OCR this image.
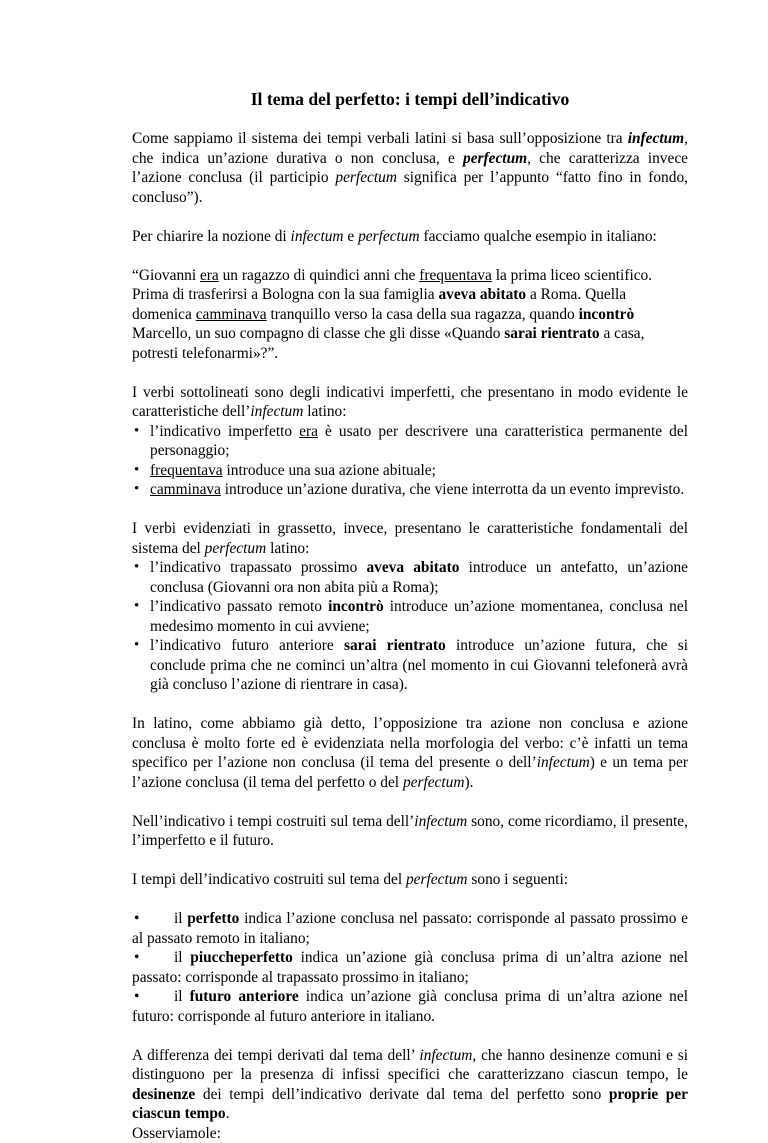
Il tema del perfetto: i tempi dell’indicativo

Come sappiamo il sistema dei tempi verbali latini si basa sull’opposizione tra infectum, che indica un’azione durativa o non conclusa, e perfectum, che caratterizza invece l’azione conclusa (il participio perfectum significa per l’appunto “fatto fino in fondo, concluso”).

Per chiarire la nozione di infectum e perfectum facciamo qualche esempio in italiano:

“Giovanni era un ragazzo di quindici anni che frequentava la prima liceo scientifico. Prima di trasferirsi a Bologna con la sua famiglia aveva abitato a Roma. Quella domenica camminava tranquillo verso la casa della sua ragazza, quando incontrò Marcello, un suo compagno di classe che gli disse «Quando sarai rientrato a casa, potresti telefonarmi»?”.

I verbi sottolineati sono degli indicativi imperfetti, che presentano in modo evidente le caratteristiche dell’infectum latino:

• l’indicativo imperfetto era è usato per descrivere una caratteristica permanente del personaggio;
• frequentava introduce una sua azione abituale;
• camminava introduce un’azione durativa, che viene interrotta da un evento imprevisto.

I verbi evidenziati in grassetto, invece, presentano le caratteristiche fondamentali del sistema del perfectum latino:

• l’indicativo trapassato prossimo aveva abitato introduce un antefatto, un’azione conclusa (Giovanni ora non abita più a Roma);
• l’indicativo passato remoto incontrò introduce un’azione momentanea, conclusa nel medesimo momento in cui avviene;
• l’indicativo futuro anteriore sarai rientrato introduce un’azione futura, che si conclude prima che ne cominci un’altra (nel momento in cui Giovanni telefonerà avrà già concluso l’azione di rientrare in casa).

In latino, come abbiamo già detto, l’opposizione tra azione non conclusa e azione conclusa è molto forte ed è evidenziata nella morfologia del verbo: c’è infatti un tema specifico per l’azione non conclusa (il tema del presente o dell’infectum) e un tema per l’azione conclusa (il tema del perfetto o del perfectum).

Nell’indicativo i tempi costruiti sul tema dell’infectum sono, come ricordiamo, il presente, l’imperfetto e il futuro.

I tempi dell’indicativo costruiti sul tema del perfectum sono i seguenti:

• il perfetto indica l’azione conclusa nel passato: corrisponde al passato prossimo e al passato remoto in italiano;
• il piuccheperfetto indica un’azione già conclusa prima di un’altra azione nel passato: corrisponde al trapassato prossimo in italiano;
• il futuro anteriore indica un’azione già conclusa prima di un’altra azione nel futuro: corrisponde al futuro anteriore in italiano.

A differenza dei tempi derivati dal tema dell’ infectum, che hanno desinenze comuni e si distinguono per la presenza di infissi specifici che caratterizzano ciascun tempo, le desinenze dei tempi dell’indicativo derivate dal tema del perfetto sono proprie per ciascun tempo.

Osserviamole:
